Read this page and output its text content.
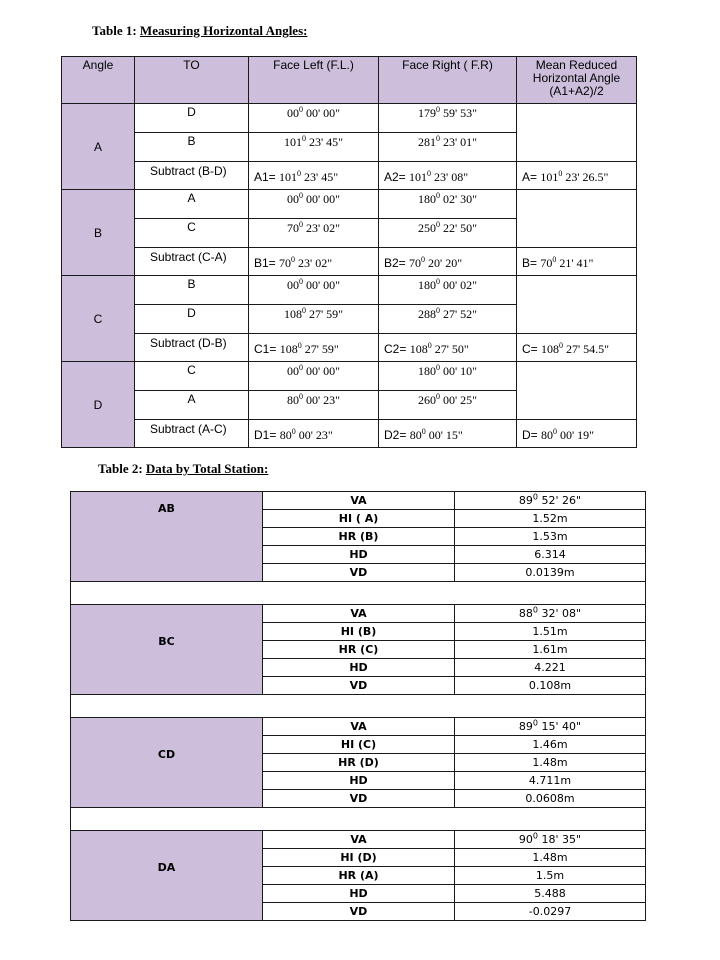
Table 1: Measuring Horizontal Angles:
Angle	TO	Face Left (F.L.)	Face Right ( F.R)	Mean Reduced
Horizontal Angle
(A1+A2)/2

A	D	$00^0$ 00' 00"	$179^0$ 59' 53"	
	B	$101^0$ 23' 45"	$281^0$ 23' 01"	
	Subtract (B-D)	$A1= 101^0$ 23' 45"	$A2= 101^0$ 23' 08"	$A= 101^0$ 23' 26.5"
B	A	$00^0$ 00' 00"	$180^0$ 02' 30"	
	C	$70^0$ 23' 02"	$250^0$ 22' 50"	
	Subtract (C-A)	$B1= 70^0$ 23' 02"	$B2= 70^0$ 20' 20"	$B= 70^0$ 21' 41"
C	B	$00^0$ 00' 00"	$180^0$ 00' 02"	
	D	$108^0$ 27' 59"	$288^0$ 27' 52"	
	Subtract (D-B)	$C1= 108^0$ 27' 59"	$C2= 108^0$ 27' 50"	$C= 108^0$ 27' 54.5"
D	C	$00^0$ 00' 00"	$180^0$ 00' 10"	
	A	$80^0$ 00' 23"	$260^0$ 00' 25"	
	Subtract (A-C)	$D1= 80^0$ 00' 23"	$D2= 80^0$ 00' 15"	$D= 80^0$ 00' 19"
Table 2: Data by Total Station:
AB	VA	$89^0$ 52' 26"
	HI ( A)	1.52m
	HR (B)	1.53m
	HD	6.314
	VD	0.0139m

BC	VA	$88^0$ 32' 08"
	HI (B)	1.51m
	HR (C)	1.61m
	HD	4.221
	VD	0.108m

CD	VA	$89^0$ 15' 40"
	HI (C)	1.46m
	HR (D)	1.48m
	HD	4.711m
	VD	0.0608m

DA	VA	$90^0$ 18' 35"
	HI (D)	1.48m
	HR (A)	1.5m
	HD	5.488
	VD	-0.0297
